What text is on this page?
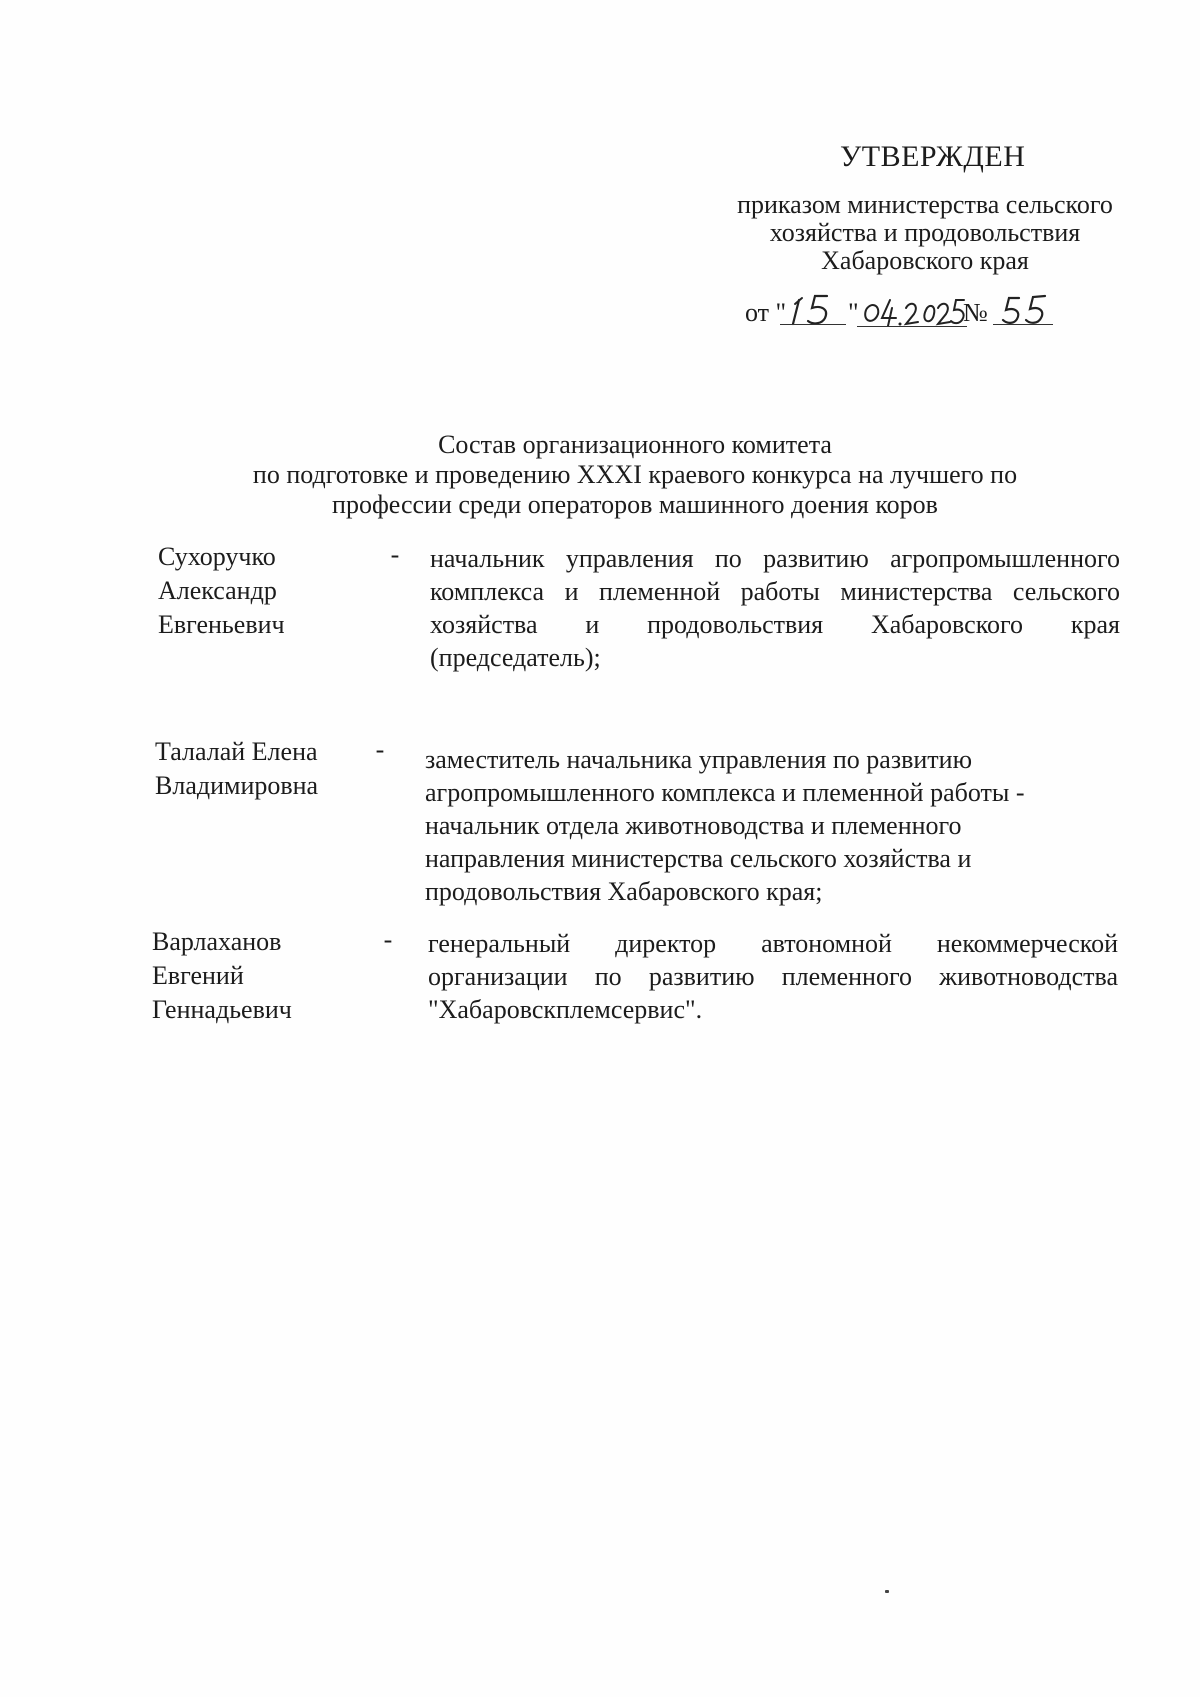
УТВЕРЖДЕН
приказом министерства сельского
хозяйства и продовольствия
Хабаровского края
от " "	№
Состав организационного комитета
по подготовке и проведению XXXI краевого конкурса на лучшего по
профессии среди операторов машинного доения коров
Сухоручко
Александр
Евгеньевич
- начальник управления по развитию агропромышленного комплекса и племенной работы министерства сельского хозяйства и продовольствия Хабаровского края (председатель);
Талалай Елена
Владимировна
- заместитель начальника управления по развитию
агропромышленного комплекса и племенной работы -
начальник отдела животноводства и племенного
направления министерства сельского хозяйства и
продовольствия Хабаровского края;
Варлаханов
Евгений
Геннадьевич
- генеральный директор автономной некоммерческой организации по развитию племенного животноводства "Хабаровскплемсервис".
